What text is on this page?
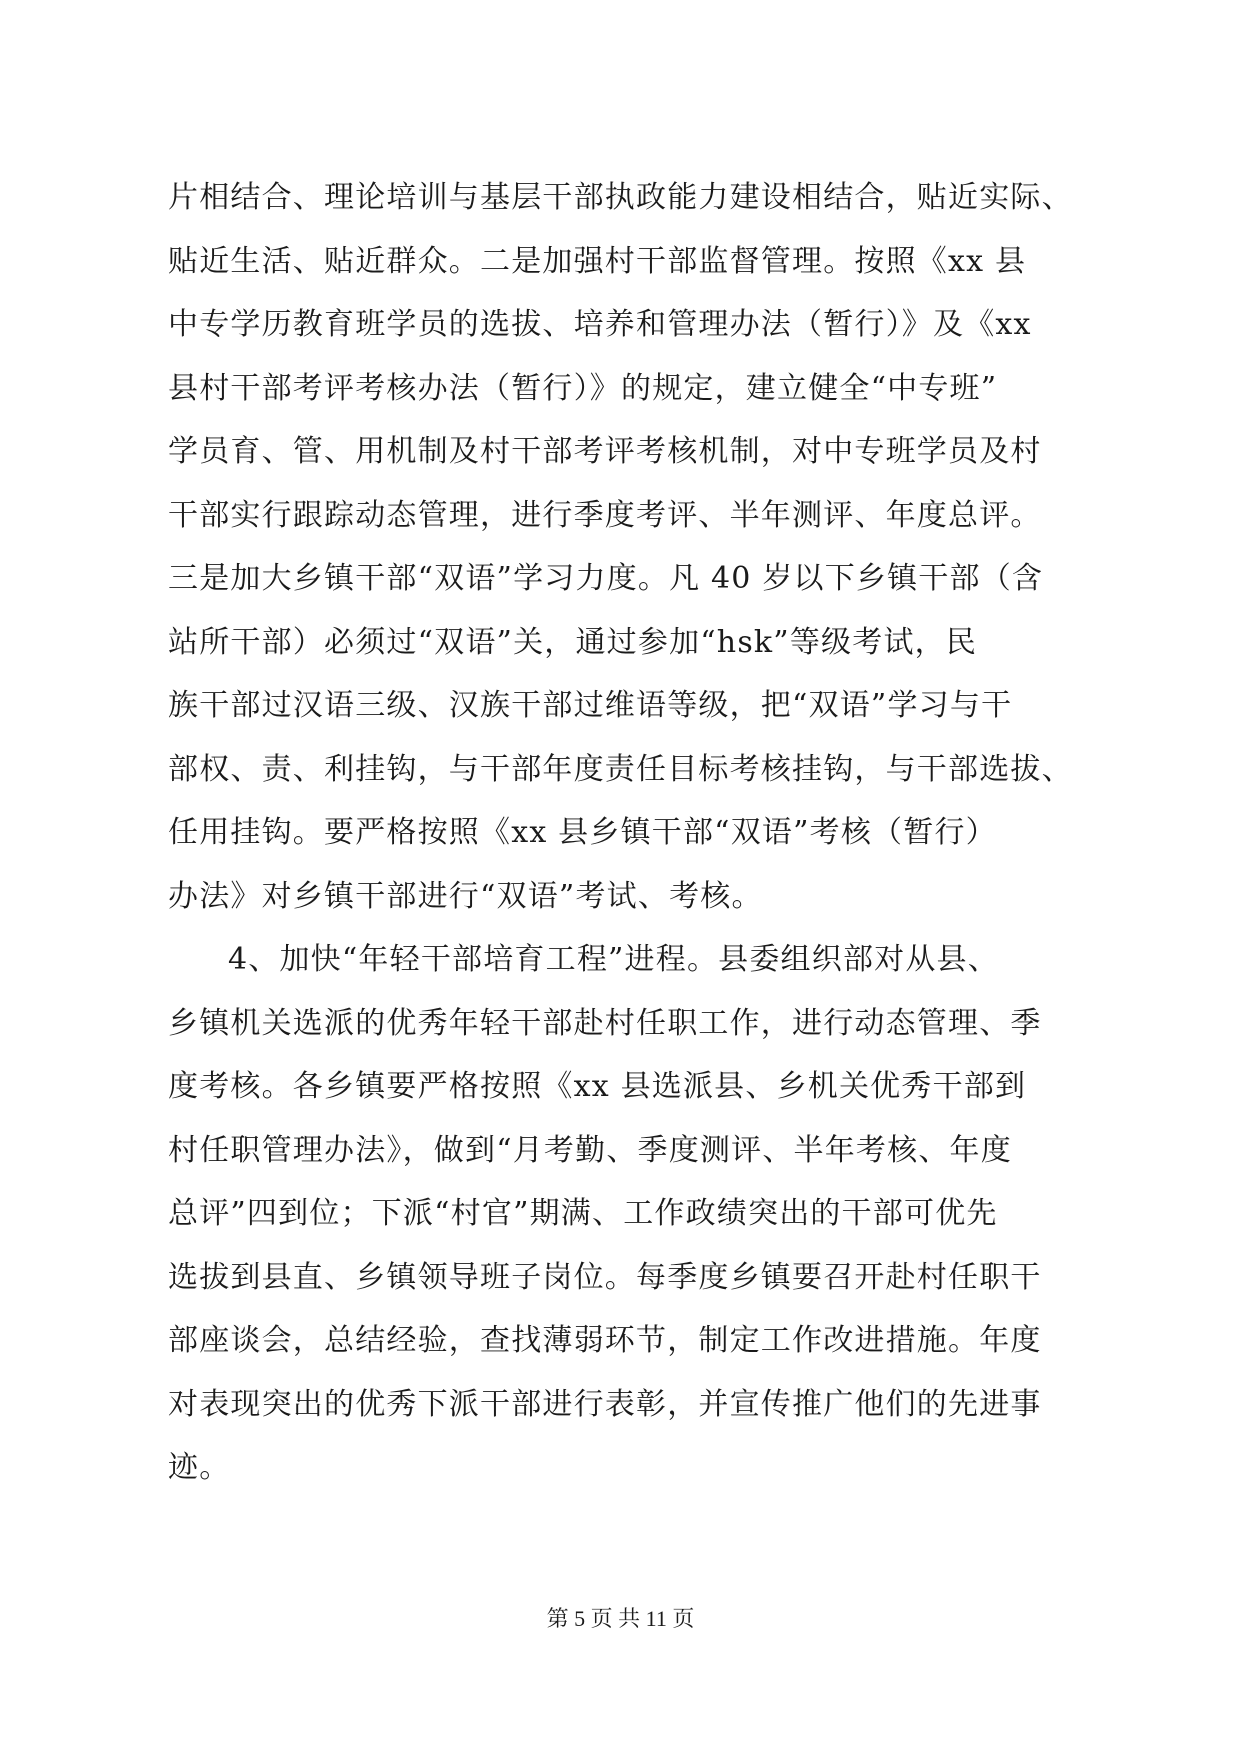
片相结合、理论培训与基层干部执政能力建设相结合，贴近实际、
贴近生活、贴近群众。二是加强村干部监督管理。按照《xx 县
中专学历教育班学员的选拔、培养和管理办法（暂行）》及《xx
县村干部考评考核办法（暂行）》的规定，建立健全“中专班”
学员育、管、用机制及村干部考评考核机制，对中专班学员及村
干部实行跟踪动态管理，进行季度考评、半年测评、年度总评。
三是加大乡镇干部“双语”学习力度。凡 40 岁以下乡镇干部（含
站所干部）必须过“双语”关，通过参加“hsk”等级考试，民
族干部过汉语三级、汉族干部过维语等级，把“双语”学习与干
部权、责、利挂钩，与干部年度责任目标考核挂钩，与干部选拔、
任用挂钩。要严格按照《xx 县乡镇干部“双语”考核（暂行）
办法》对乡镇干部进行“双语”考试、考核。
4、加快“年轻干部培育工程”进程。县委组织部对从县、
乡镇机关选派的优秀年轻干部赴村任职工作，进行动态管理、季
度考核。各乡镇要严格按照《xx 县选派县、乡机关优秀干部到
村任职管理办法》，做到“月考勤、季度测评、半年考核、年度
总评”四到位；下派“村官”期满、工作政绩突出的干部可优先
选拔到县直、乡镇领导班子岗位。每季度乡镇要召开赴村任职干
部座谈会，总结经验，查找薄弱环节，制定工作改进措施。年度
对表现突出的优秀下派干部进行表彰，并宣传推广他们的先进事
迹。
第 5 页 共 11 页
